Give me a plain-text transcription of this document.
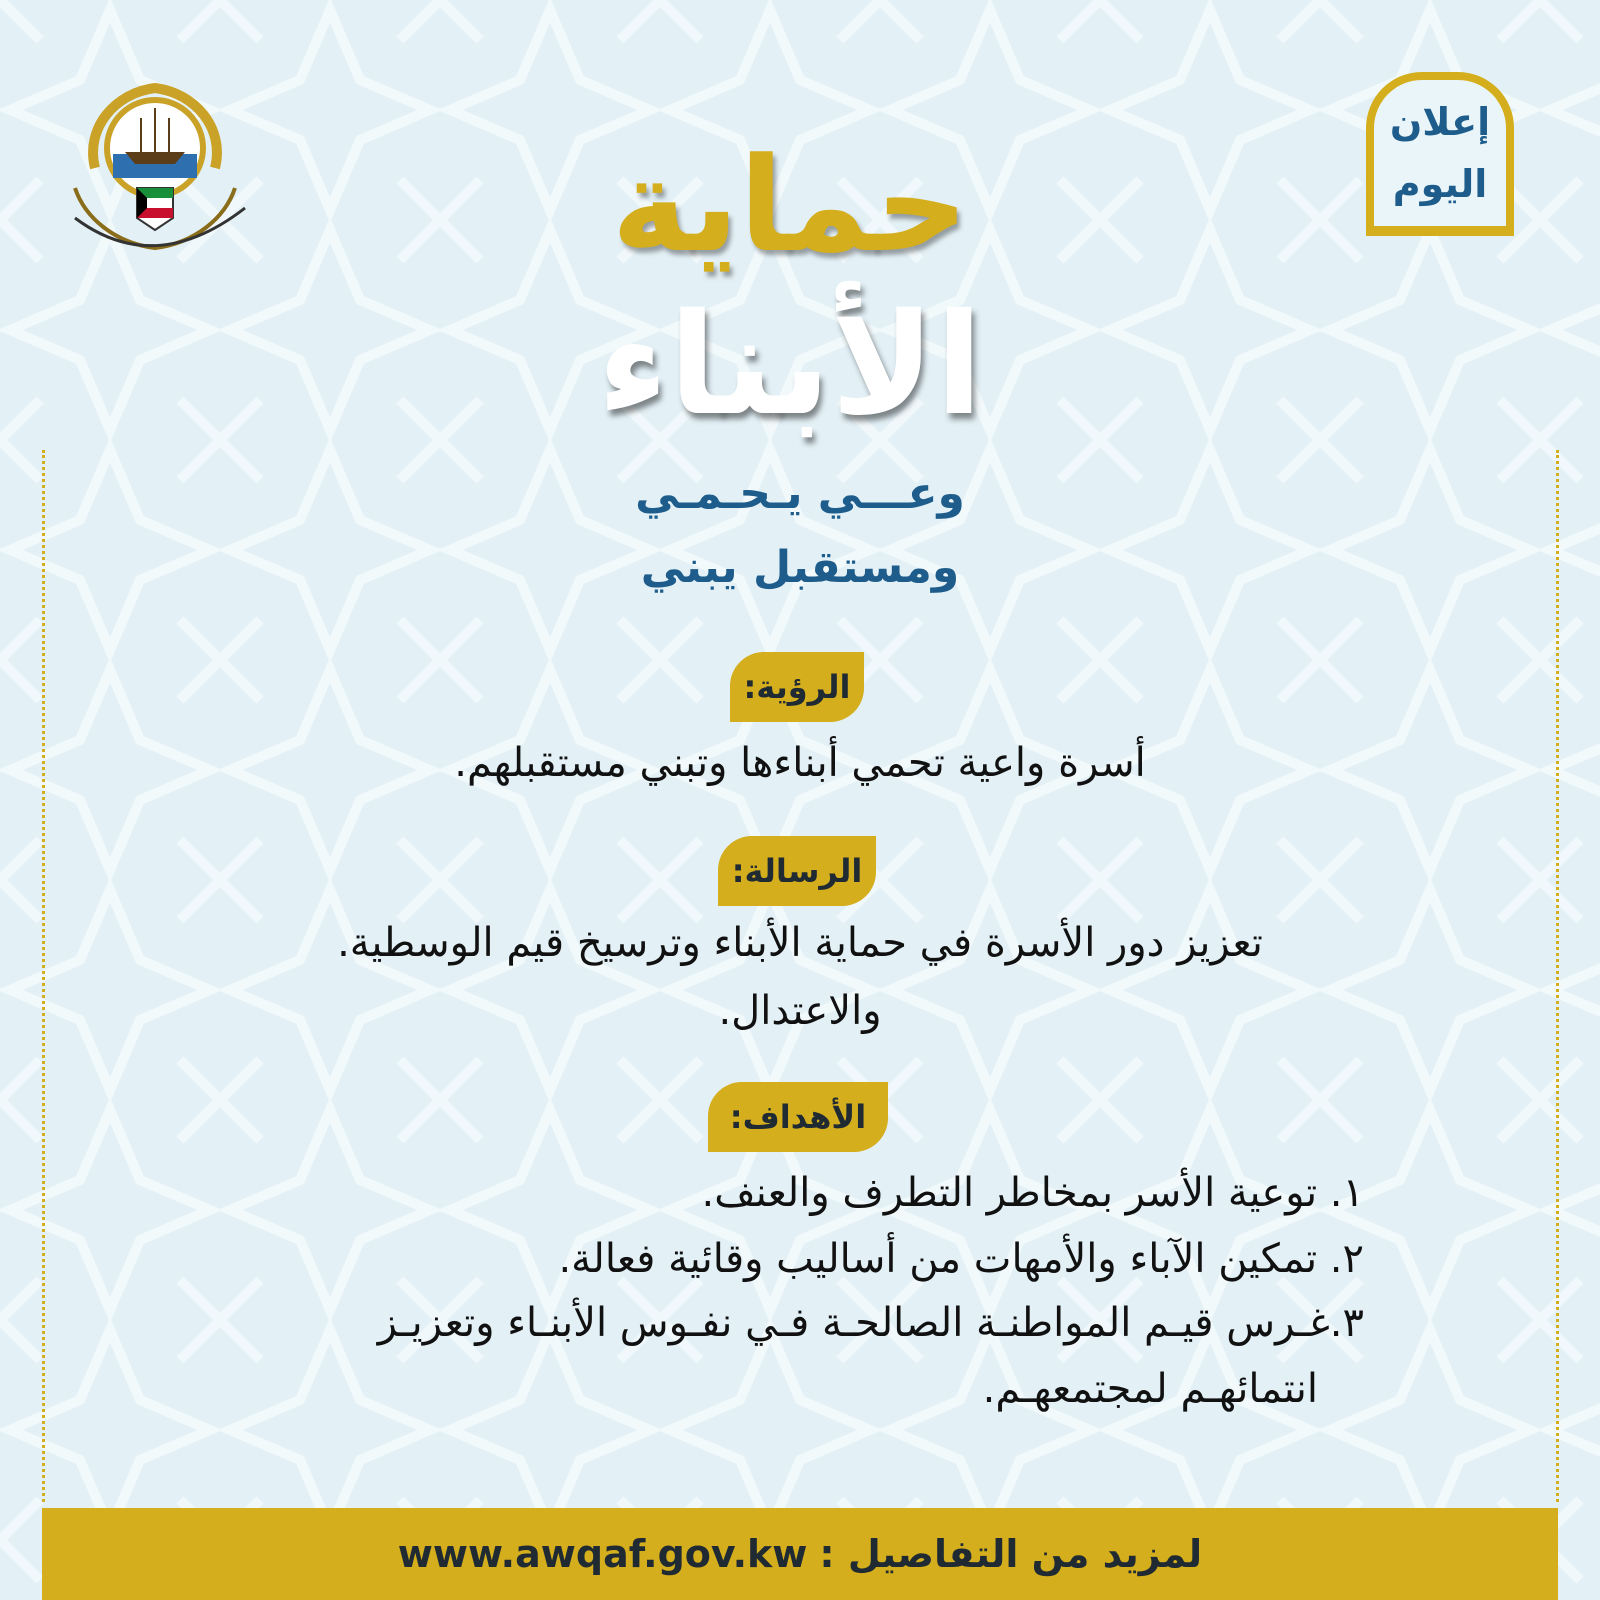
إعلان
اليوم
حماية
الأبناء
وعـــي يـحـمـي
ومستقبل يبني
الرؤية:
أسرة واعية تحمي أبناءها وتبني مستقبلهم.
الرسالة:
تعزيز دور الأسرة في حماية الأبناء وترسيخ قيم الوسطية.
والاعتدال.
الأهداف:
١. توعية الأسر بمخاطر التطرف والعنف.
٢. تمكين الآباء والأمهات من أساليب وقائية فعالة.
٣.غـرس قيـم المواطنـة الصالحـة فـي نفـوس الأبنـاء وتعزيـز
انتمائهـم لمجتمعهـم.
لمزيد من التفاصيل :
www.awqaf.gov.kw
